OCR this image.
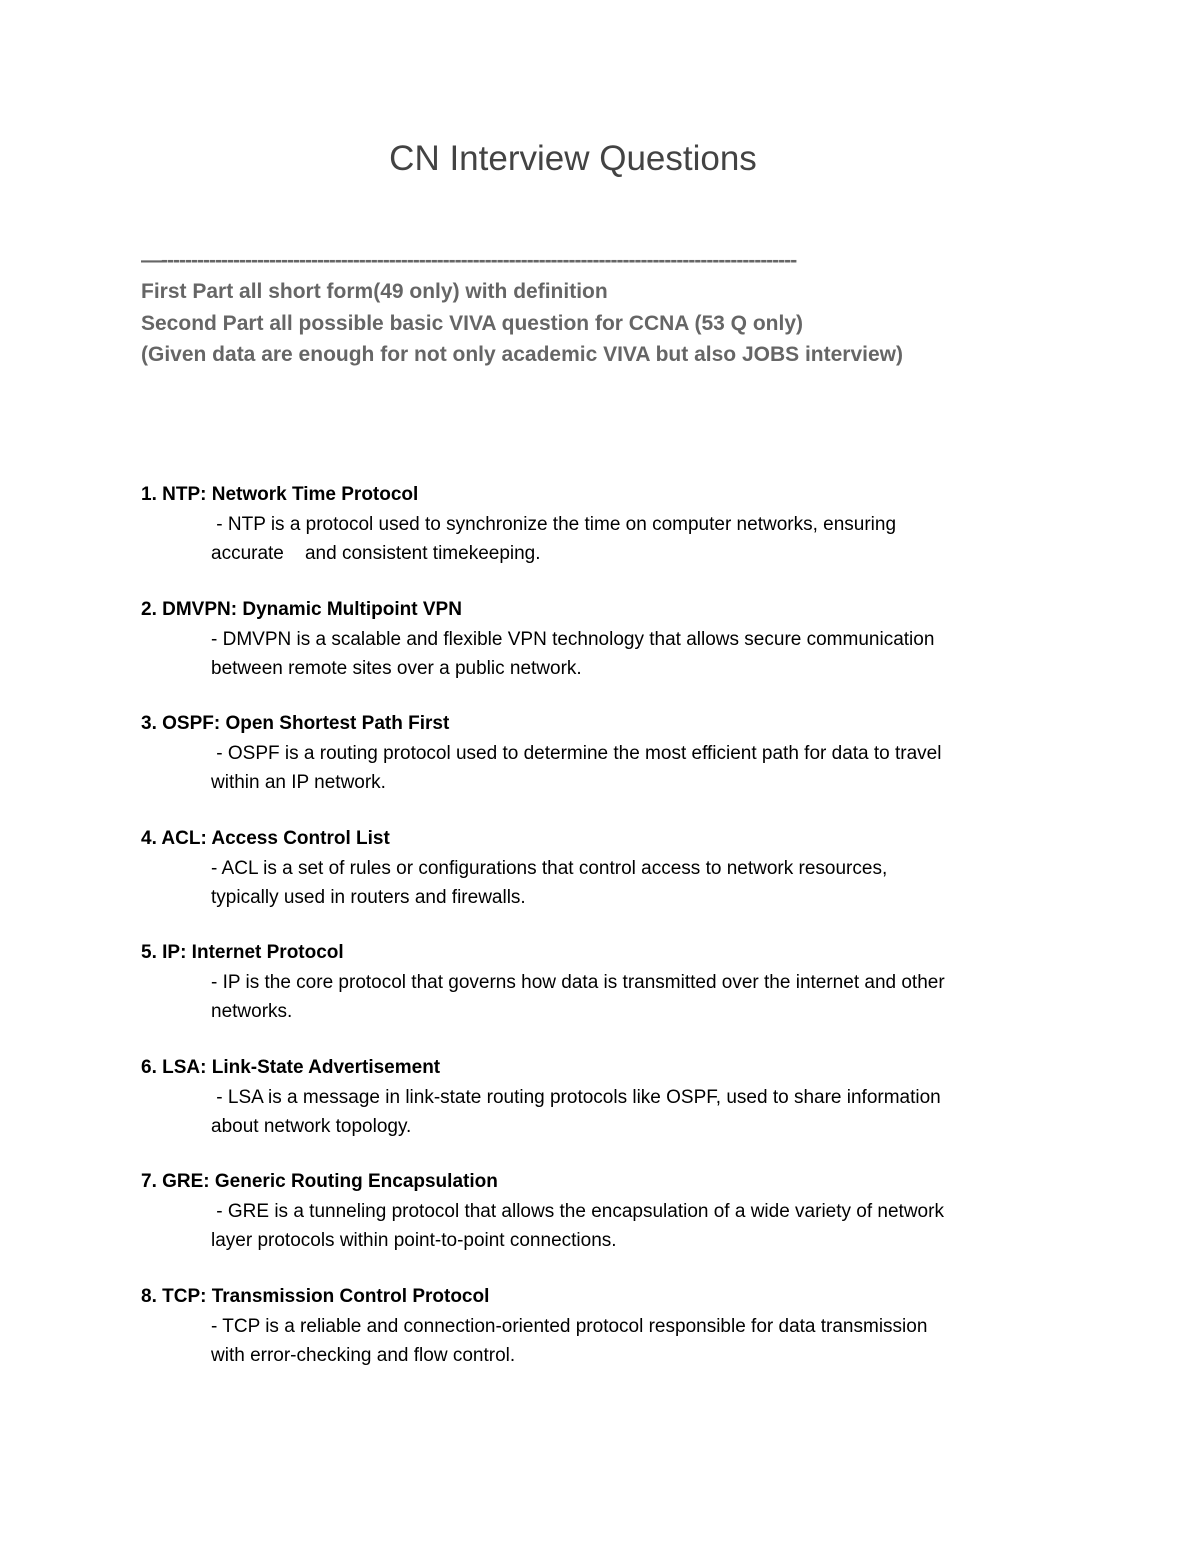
CN Interview Questions
—----------------------------------------------------------------------------------------------------------
First Part all short form(49 only) with definition
Second Part all possible basic VIVA question for CCNA (53 Q only)
(Given data are enough for not only academic VIVA but also JOBS interview)
1. NTP: Network Time Protocol
- NTP is a protocol used to synchronize the time on computer networks, ensuring
accurate    and consistent timekeeping.
2. DMVPN: Dynamic Multipoint VPN
- DMVPN is a scalable and flexible VPN technology that allows secure communication
between remote sites over a public network.
3. OSPF: Open Shortest Path First
- OSPF is a routing protocol used to determine the most efficient path for data to travel
within an IP network.
4. ACL: Access Control List
- ACL is a set of rules or configurations that control access to network resources,
typically used in routers and firewalls.
5. IP: Internet Protocol
- IP is the core protocol that governs how data is transmitted over the internet and other
networks.
6. LSA: Link-State Advertisement
- LSA is a message in link-state routing protocols like OSPF, used to share information
about network topology.
7. GRE: Generic Routing Encapsulation
- GRE is a tunneling protocol that allows the encapsulation of a wide variety of network
layer protocols within point-to-point connections.
8. TCP: Transmission Control Protocol
- TCP is a reliable and connection-oriented protocol responsible for data transmission
with error-checking and flow control.
